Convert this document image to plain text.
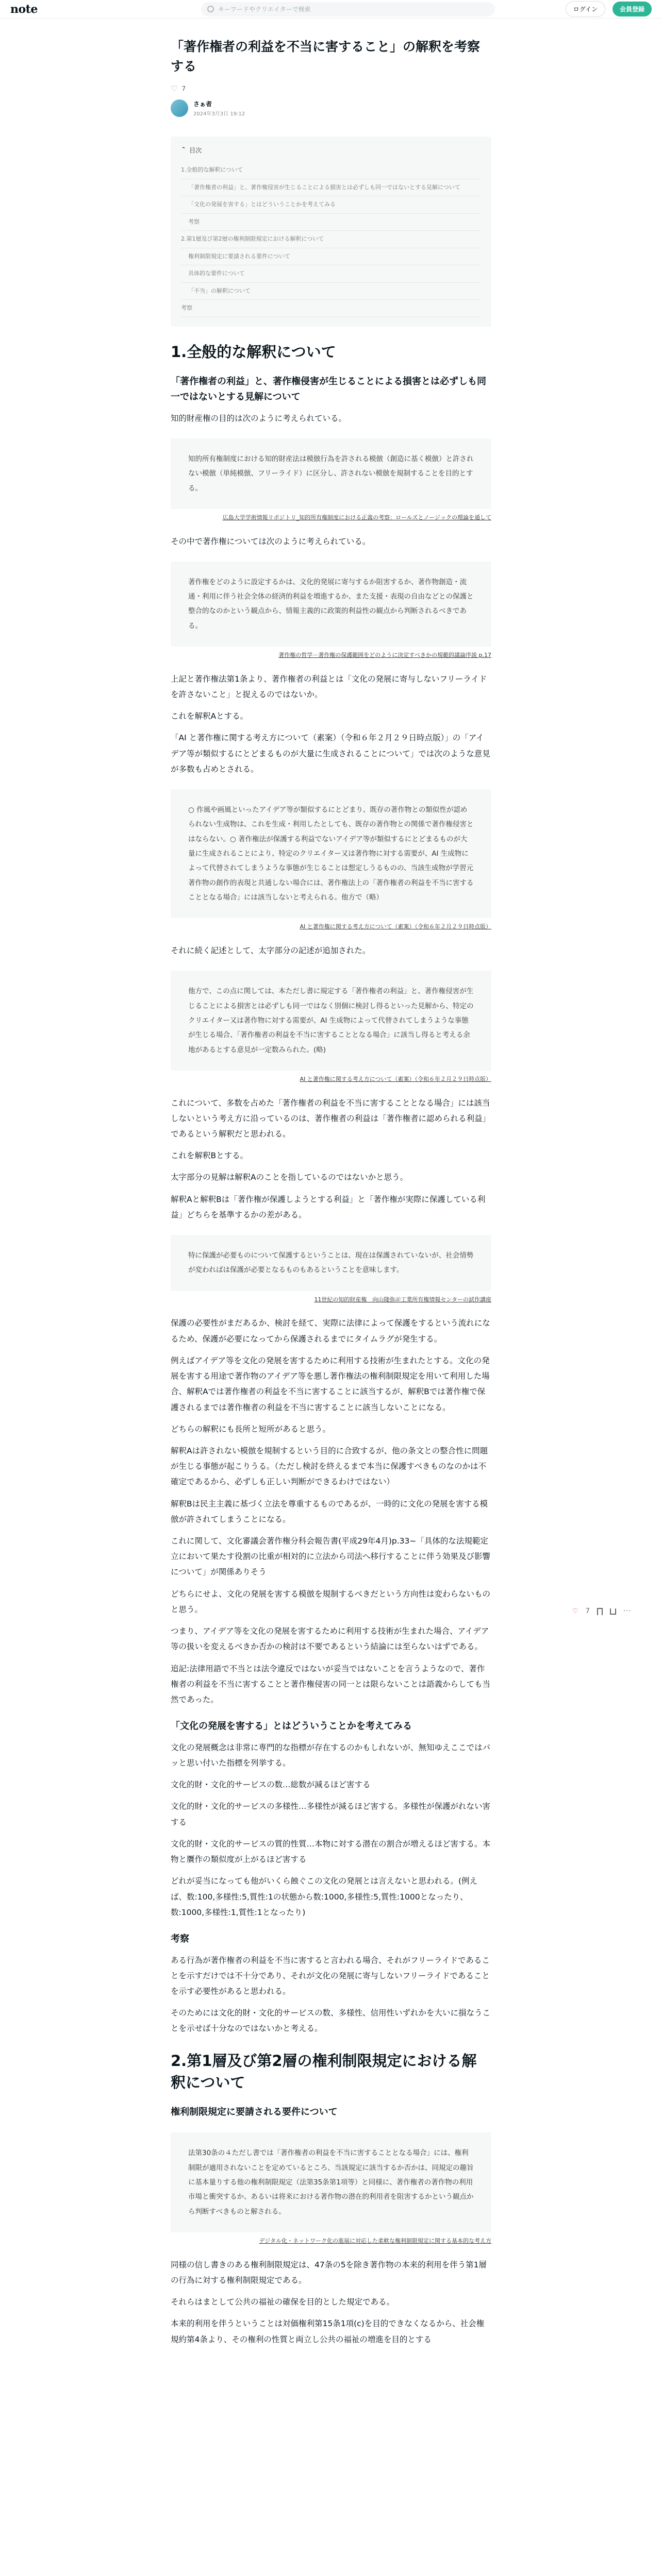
note	キーワードやクリエイターで検索	ログイン	会員登録
「著作権者の利益を不当に害すること」の解釈を考察する
♡ 7
さぁ者
2024年3月3日 19:12
⌃ 目次
1.全般的な解釈について
「著作権者の利益」と、著作権侵害が生じることによる損害とは必ずしも同一ではないとする見解について
「文化の発展を害する」とはどういうことかを考えてみる
考察
2.第1層及び第2層の権利制限規定における解釈について
権利制限規定に要請される要件について
具体的な要件について
「不当」の解釈について
考察
1.全般的な解釈について
「著作権者の利益」と、著作権侵害が生じることによる損害とは必ずしも同一ではないとする見解について

知的財産権の目的は次のように考えられている。

知的所有権制度における知的財産法は模倣行為を許される模倣（創造に基く模倣）と許されない模倣（単純模倣、フリーライド）に区分し、許されない模倣を規制することを目的とする。
広島大学学術情報リポジトリ_知的所有権制度における正義の考察：ロールズとノージックの理論を通して

その中で著作権については次のように考えられている。

著作権をどのように設定するかは、文化的発展に寄与するか阻害するか、著作物創造・流通・利用に伴う社会全体の経済的利益を増進するか、また支援・表現の自由などとの保護と整合的なのかという観点から、情報主義的に政策的利益性の観点から判断されるべきである。
著作権の哲学－著作権の保護範囲をどのように決定すべきかの規範的議論序説 p.17

上記と著作権法第1条より、著作権者の利益とは「文化の発展に寄与しないフリーライドを許さないこと」と捉えるのではないか。

これを解釈Aとする。

「AI と著作権に関する考え方について（素案）（令和６年２月２９日時点版）」の「アイデア等が類似するにとどまるものが大量に生成されることについて」では次のような意見が多数も占めとされる。

○ 作風や画風といったアイデア等が類似するにとどまり、既存の著作物との類似性が認められない生成物は、これを生成・利用したとしても、既存の著作物との関係で著作権侵害とはならない。○ 著作権法が保護する利益でないアイデア等が類似するにとどまるものが大量に生成されることにより、特定のクリエイター又は著作物に対する需要が、AI 生成物によって代替されてしまうような事態が生じることは想定しうるものの、当該生成物が学習元著作物の創作的表現と共通しない場合には、著作権法上の「著作権者の利益を不当に害することとなる場合」には該当しないと考えられる。他方で（略）
AI と著作権に関する考え方について（素案）（令和６年２月２９日時点版）

それに続く記述として、太字部分の記述が追加された。

他方で、この点に関しては、本ただし書に規定する「著作権者の利益」と、著作権侵害が生じることによる損害とは必ずしも同一ではなく別個に検討し得るといった見解から、特定のクリエイター又は著作物に対する需要が、AI 生成物によって代替されてしまうような事態が生じる場合、「著作権者の利益を不当に害することとなる場合」に該当し得ると考える余地があるとする意見が一定数みられた。(略)
AI と著作権に関する考え方について（素案）（令和６年２月２９日時点版）

これについて、多数を占めた「著作権者の利益を不当に害することとなる場合」には該当しないという考え方に沿っているのは、著作権者の利益は「著作権者に認められる利益」であるという解釈だと思われる。

これを解釈Bとする。

太字部分の見解は解釈Aのことを指しているのではないかと思う。

解釈Aと解釈Bは「著作権が保護しようとする利益」と「著作権が実際に保護している利益」どちらを基準するかの差がある。

特に保護が必要ものについて保護するということは、現在は保護されていないが、社会情勢が変わればは保護が必要となるものもあるということを意味します。
11世紀の知的財産権＿向山隆弥＠工業所有権情報センターの試作講座

保護の必要性がまだあるか、検討を経て、実際に法律によって保護をするという流れになるため、保護が必要になってから保護されるまでにタイムラグが発生する。

例えばアイデア等を文化の発展を害するために利用する技術が生まれたとする。文化の発展を害する用途で著作物のアイデア等を悪し著作権法の権利制限規定を用いて利用した場合、解釈Aでは著作権者の利益を不当に害することに該当するが、解釈Bでは著作権で保護されるまでは著作権者の利益を不当に害することに該当しないことになる。

どちらの解釈にも長所と短所があると思う。

解釈Aは許されない模倣を規制するという目的に合致するが、他の条文との整合性に問題が生じる事態が起こりうる。（ただし検討を終えるまで本当に保護すべきものなのかは不確定であるから、必ずしも正しい判断ができるわけではない）

解釈Bは民主主義に基づく立法を尊重するものであるが、一時的に文化の発展を害する模倣が許されてしまうことになる。

これに関して、文化審議会著作権分科会報告書(平成29年4月)p.33~「具体的な法規範定立において果たす役割の比重が相対的に立法から司法へ移行することに伴う効果及び影響について」が関係ありそう

どちらにせよ、文化の発展を害する模倣を規制するべきだという方向性は変わらないものと思う。

つまり、アイデア等を文化の発展を害するために利用する技術が生まれた場合、アイデア等の扱いを変えるべきか否かの検討は不要であるという結論には至らないはずである。

追記:法律用語で不当とは法令違反ではないが妥当ではないことを言うようなので、著作権者の利益を不当に害することと著作権侵害の同一とは限らないことは語義からしても当然であった。

「文化の発展を害する」とはどういうことかを考えてみる

文化の発展概念は非常に専門的な指標が存在するのかもしれないが、無知ゆえここではパッと思い付いた指標を列挙する。

文化的財・文化的サービスの数…総数が減るほど害する

文化的財・文化的サービスの多様性…多様性が減るほど害する。多様性が保護がれない害する

文化的財・文化的サービスの質的性質…本物に対する潜在の割合が増えるほど害する。本物と贋作の類似度が上がるほど害する

どれが妥当になっても他がいくら蝕ぐこの文化の発展とは言えないと思われる。(例えば、数:100,多様性:5,質性:1の状態から数:1000,多様性:5,質性:1000となったり、数:1000,多様性:1,質性:1となったり)

考察

ある行為が著作権者の利益を不当に害すると言われる場合、それがフリーライドであることを示すだけでは不十分であり、それが文化の発展に寄与しないフリーライドであることを示す必要性があると思われる。

そのためには文化的財・文化的サービスの数、多様性、信用性いずれかを大いに損なうことを示せば十分なのではないかと考える。

2.第1層及び第2層の権利制限規定における解釈について
権利制限規定に要請される要件について
法第30条の４ただし書では「著作権者の利益を不当に害することとなる場合」には、権利制限が適用されないことを定めているところ、当該規定に該当するか否かは、同規定の趣旨に基本量りする他の権利制限規定（法第35条第1項等）と同様に、著作権者の著作物の利用市場と衝突するか、あるいは将来における著作物の潜在的利用者を阻害するかという観点から判断すべきものと解される。
デジタル化・ネットワーク化の進展に対応した柔軟な権利制限規定に関する基本的な考え方

同様の信し書きのある権利制限規定は、47条の5を除き著作物の本来的利用を伴う第1層の行為に対する権利制限規定である。

それらはまとして公共の福祉の確保を目的とした規定である。

本来的利用を伴うということは対価権利第15条1項(c)を目的できなくなるから、社会権規約第4条より、その権利の性質と両立し公共の福祉の増進を目的とする

♡ 7	···
